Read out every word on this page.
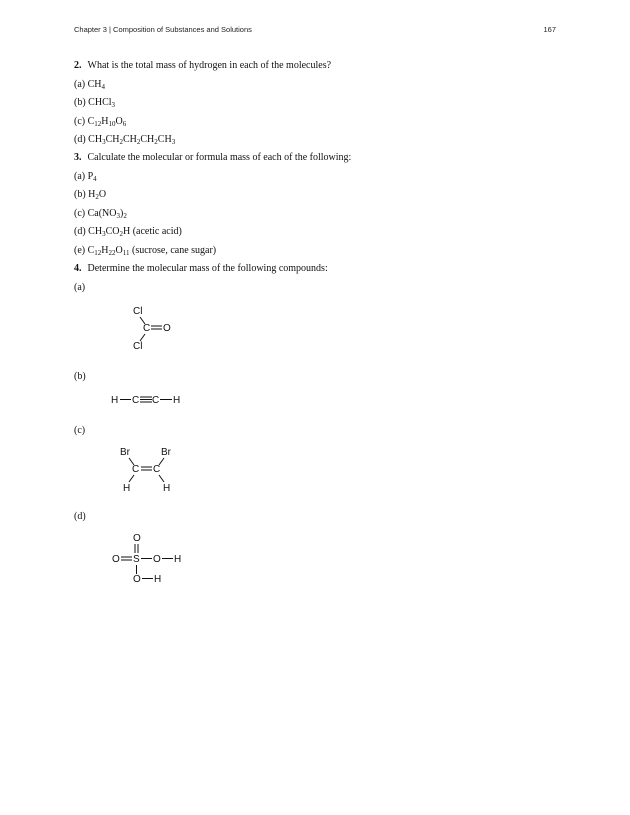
Chapter 3 | Composition of Substances and Solutions	167
2. What is the total mass of hydrogen in each of the molecules?
(a) $CH_4$
(b) CHCl$_3$
(c) $C_{12}H_{10}O_6$
(d) $CH_3CH_2CH_2CH_2CH_3$
3. Calculate the molecular or formula mass of each of the following:
(a) $P_4$
(b) $H_2O$
(c) $Ca(NO_3)_2$
(d) $CH_3CO_2H$ (acetic acid)
(e) $C_{12}H_{22}O_{11}$ (sucrose, cane sugar)
4. Determine the molecular mass of the following compounds:
(a)
Cl
C O
Cl
(b)
H C C H
(c)
Br	Br
C C
H	H
(d)
O
O S O H
O H
